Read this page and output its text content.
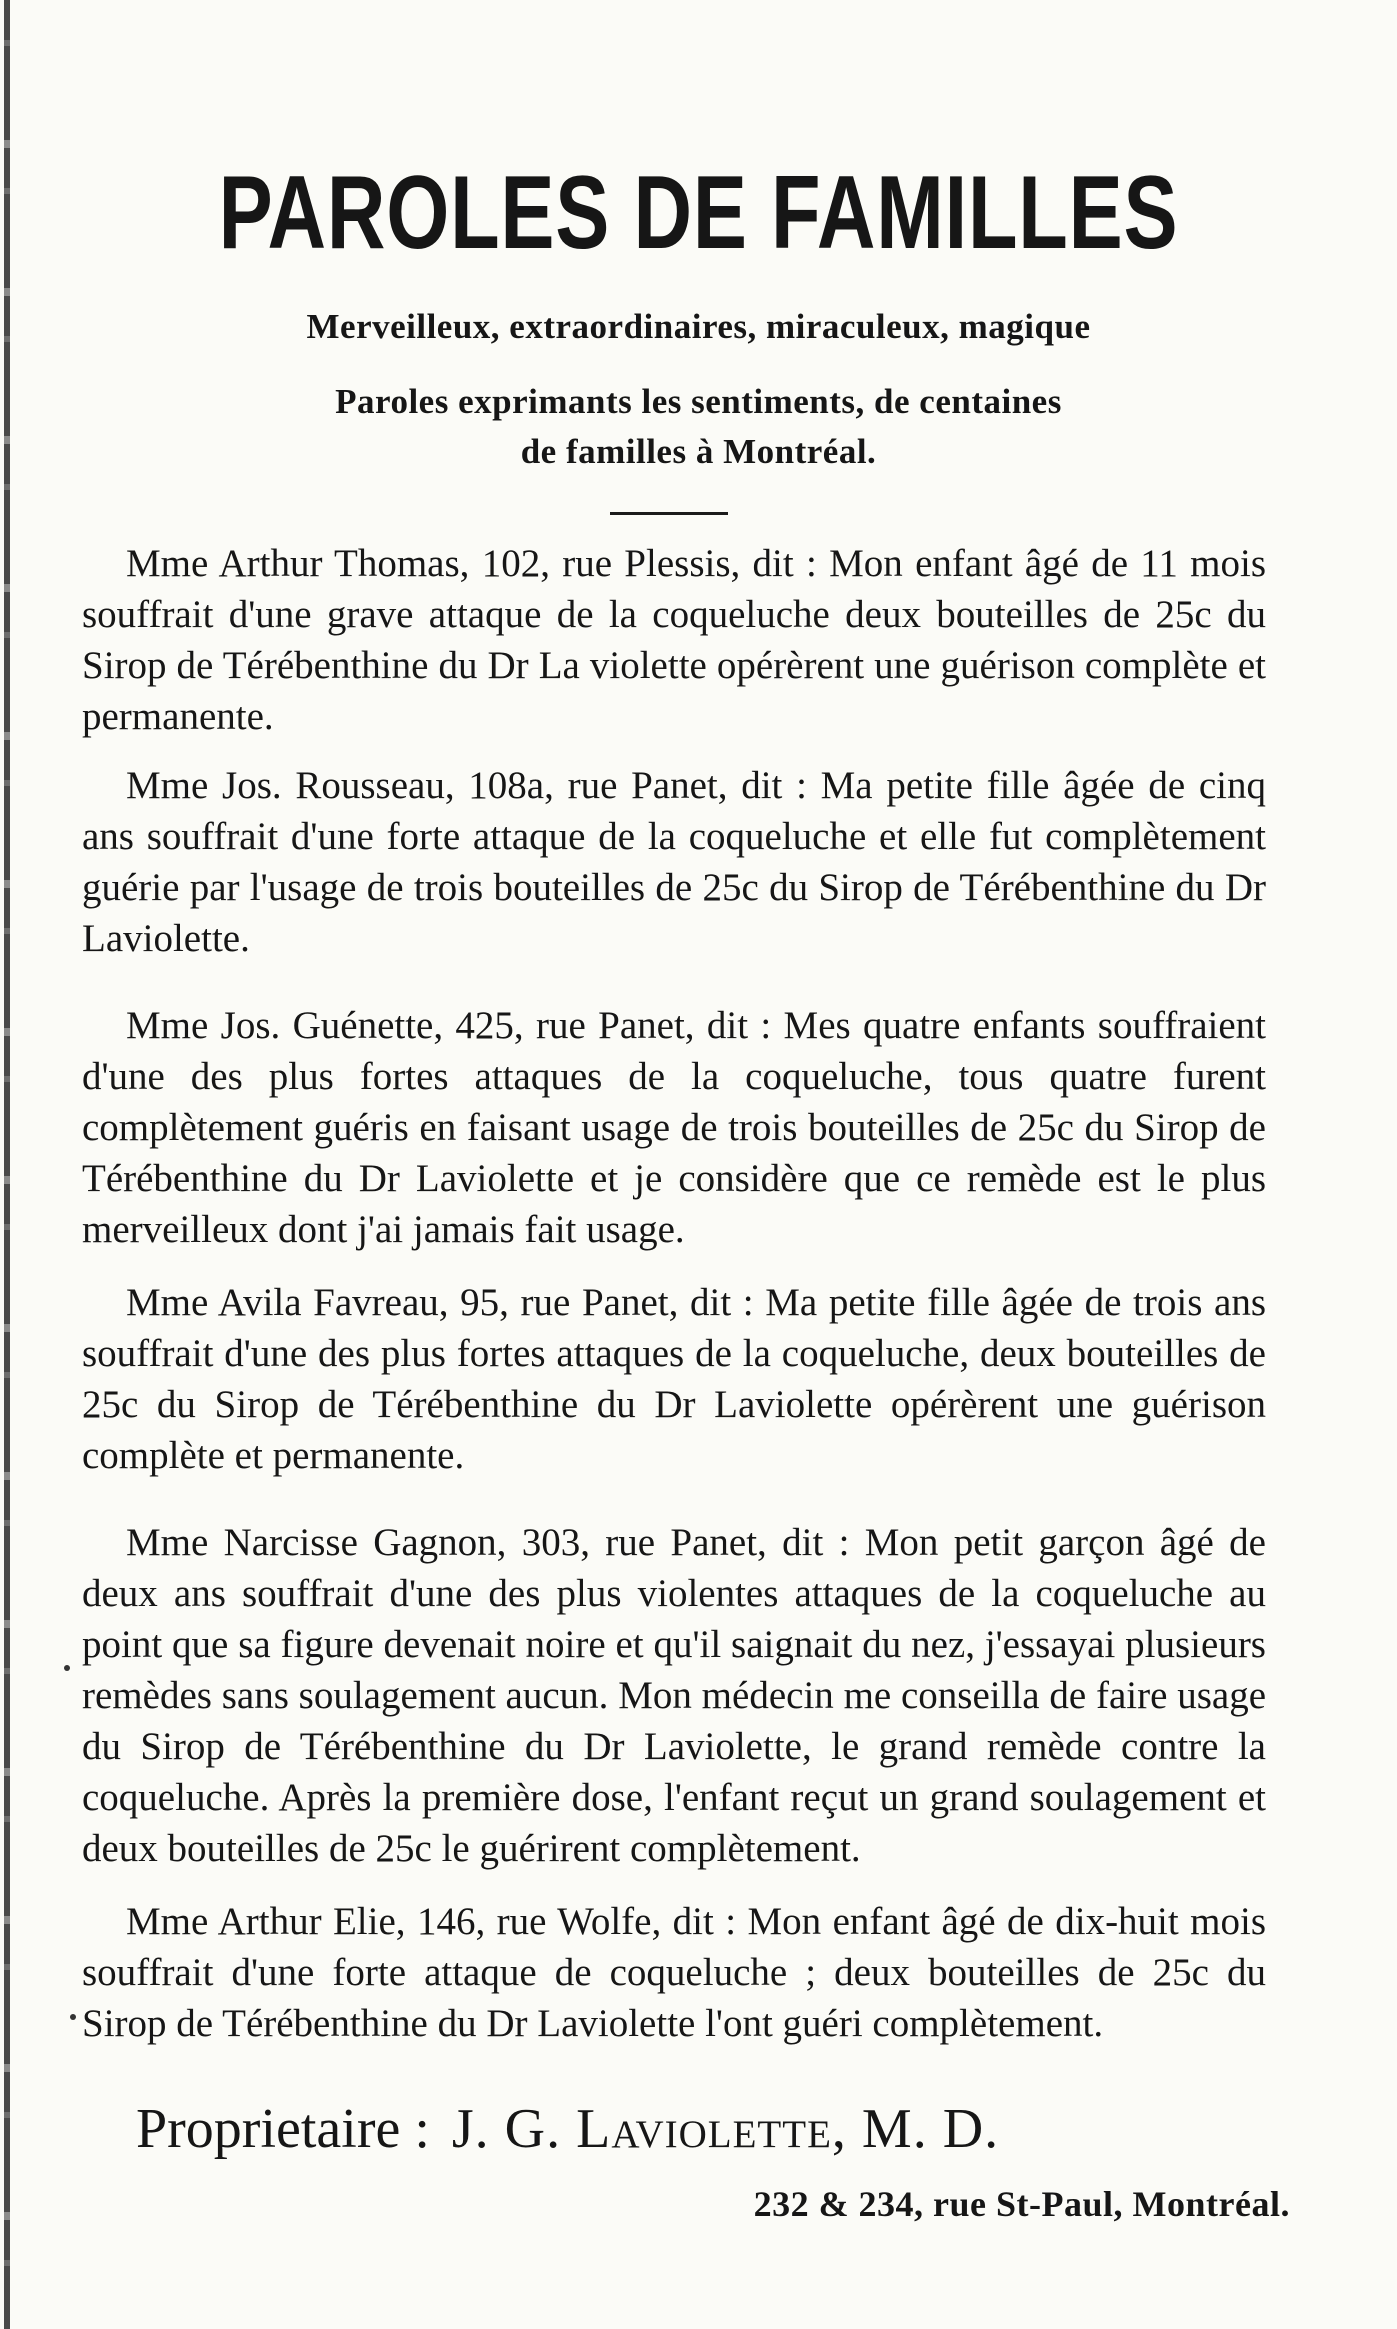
PAROLES DE FAMILLES
Merveilleux, extraordinaires, miraculeux, magique
Paroles exprimants les sentiments, de centaines
de familles à Montréal.

Mme Arthur Thomas, 102, rue Plessis, dit : Mon enfant âgé de 11 mois souffrait d'une grave attaque de la coqueluche deux bouteilles de 25c du Sirop de Térébenthine du Dr La violette opérèrent une guérison complète et permanente.

Mme Jos. Rousseau, 108a, rue Panet, dit : Ma petite fille âgée de cinq ans souffrait d'une forte attaque de la coqueluche et elle fut complètement guérie par l'usage de trois bouteilles de 25c du Sirop de Térébenthine du Dr Laviolette.

Mme Jos. Guénette, 425, rue Panet, dit : Mes quatre enfants souffraient d'une des plus fortes attaques de la coqueluche, tous quatre furent complètement guéris en faisant usage de trois bouteilles de 25c du Sirop de Térébenthine du Dr Laviolette et je considère que ce remède est le plus merveilleux dont j'ai jamais fait usage.

Mme Avila Favreau, 95, rue Panet, dit : Ma petite fille âgée de trois ans souffrait d'une des plus fortes attaques de la coqueluche, deux bouteilles de 25c du Sirop de Térébenthine du Dr Laviolette opérèrent une guérison complète et permanente.

Mme Narcisse Gagnon, 303, rue Panet, dit : Mon petit garçon âgé de deux ans souffrait d'une des plus violentes attaques de la coqueluche au point que sa figure devenait noire et qu'il saignait du nez, j'essayai plusieurs remèdes sans soulagement aucun. Mon médecin me conseilla de faire usage du Sirop de Térébenthine du Dr Laviolette, le grand remède contre la coqueluche. Après la première dose, l'enfant reçut un grand soulagement et deux bouteilles de 25c le guérirent complètement.

Mme Arthur Elie, 146, rue Wolfe, dit : Mon enfant âgé de dix-huit mois souffrait d'une forte attaque de coqueluche ; deux bouteilles de 25c du Sirop de Térébenthine du Dr Laviolette l'ont guéri complètement.

Proprietaire : J. G. Laviolette, M. D.
232 & 234, rue St-Paul, Montréal.
